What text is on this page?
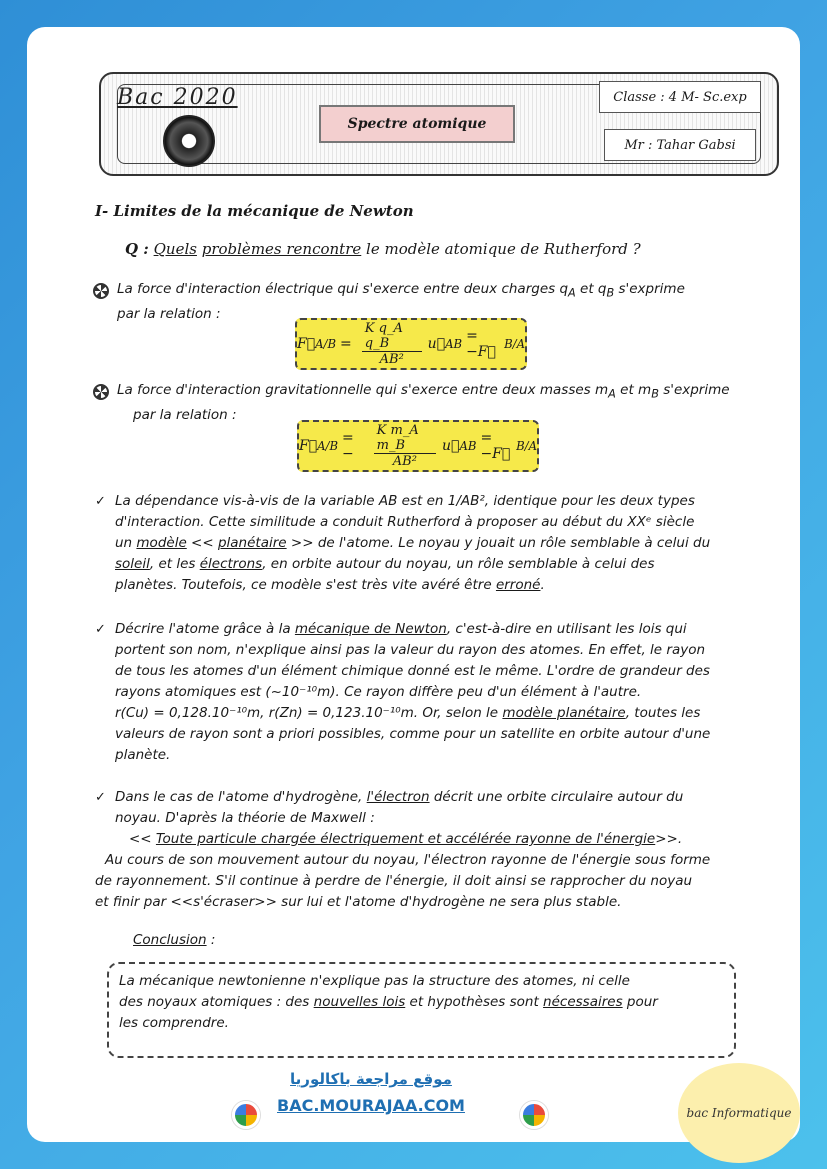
Bac 2020
Spectre atomique
Classe : 4 M- Sc.exp
Mr : Tahar Gabsi
I- Limites de la mécanique de Newton
Q : Quels problèmes rencontre le modèle atomique de Rutherford ?
La force d'interaction électrique qui s'exerce entre deux charges $q_A$ et $q_B$ s'exprime
par la relation :
F⃗ $A/B = \frac{\text{K q\_A q\_B}}{\text{AB²}}$ u⃗ AB = −F⃗ B/A
La force d'interaction gravitationnelle qui s'exerce entre deux masses $m_A$ et $m_B$ s'exprime
par la relation :
F⃗ A/B = −	$\frac{\text{K m\_A m\_B}}{\text{AB²}}$ u⃗ AB = −F⃗ B/A
✓ La dépendance vis-à-vis de la variable AB est en 1/AB², identique pour les deux types
d'interaction. Cette similitude a conduit Rutherford à proposer au début du XXᵉ siècle
un modèle << planétaire >> de l'atome. Le noyau y jouait un rôle semblable à celui du
soleil, et les électrons, en orbite autour du noyau, un rôle semblable à celui des
planètes. Toutefois, ce modèle s'est très vite avéré être erroné.
✓ Décrire l'atome grâce à la mécanique de Newton, c'est-à-dire en utilisant les lois qui
portent son nom, n'explique ainsi pas la valeur du rayon des atomes. En effet, le rayon
de tous les atomes d'un élément chimique donné est le même. L'ordre de grandeur des
rayons atomiques est (~10⁻¹⁰m). Ce rayon diffère peu d'un élément à l'autre.
r(Cu) = 0,128.10⁻¹⁰m, r(Zn) = 0,123.10⁻¹⁰m. Or, selon le modèle planétaire, toutes les
valeurs de rayon sont a priori possibles, comme pour un satellite en orbite autour d'une
planète.
✓ Dans le cas de l'atome d'hydrogène, l'électron décrit une orbite circulaire autour du
noyau. D'après la théorie de Maxwell :
<< Toute particule chargée électriquement et accélérée rayonne de l'énergie>>.
Au cours de son mouvement autour du noyau, l'électron rayonne de l'énergie sous forme
de rayonnement. S'il continue à perdre de l'énergie, il doit ainsi se rapprocher du noyau
et finir par <<s'écraser>> sur lui et l'atome d'hydrogène ne sera plus stable.
Conclusion :
La mécanique newtonienne n'explique pas la structure des atomes, ni celle
des noyaux atomiques : des nouvelles lois et hypothèses sont nécessaires pour
les comprendre.
موقع مراجعة باكالوريا
BAC.MOURAJAA.COM	bac Informatique
